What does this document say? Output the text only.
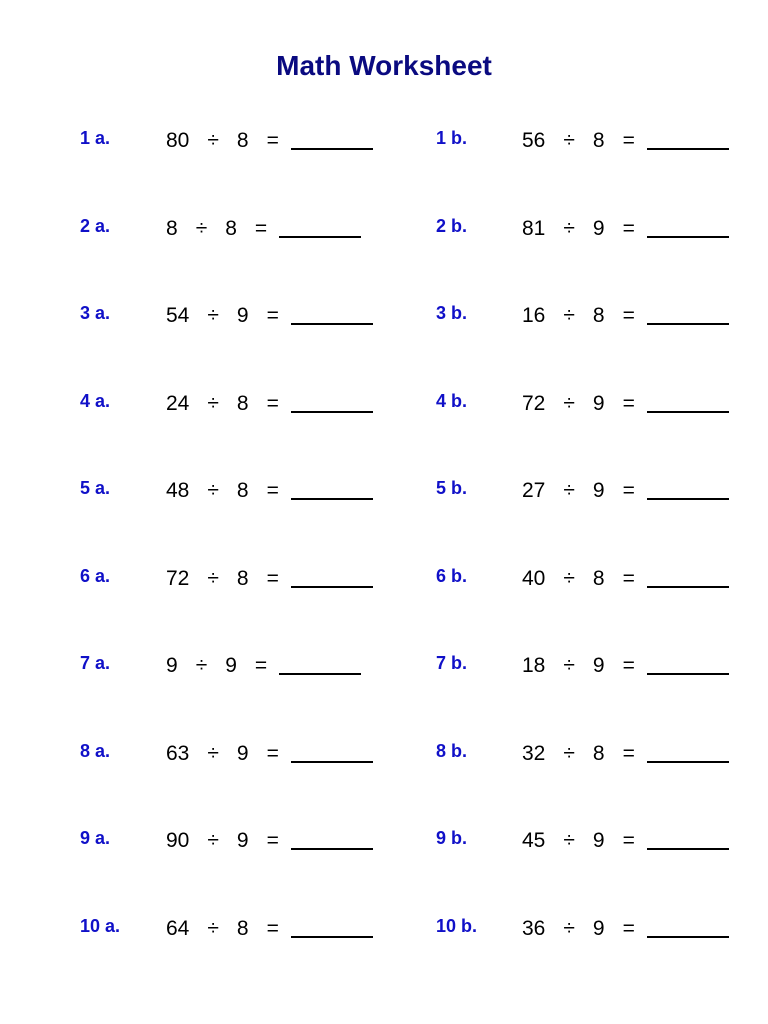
Math Worksheet
1 a.	80 ÷ 8 =	1 b.	56 ÷ 8 =
2 a.	8 ÷ 8 =	2 b.	81 ÷ 9 =
3 a.	54 ÷ 9 =	3 b.	16 ÷ 8 =
4 a.	24 ÷ 8 =	4 b.	72 ÷ 9 =
5 a.	48 ÷ 8 =	5 b.	27 ÷ 9 =
6 a.	72 ÷ 8 =	6 b.	40 ÷ 8 =
7 a.	9 ÷ 9 =	7 b.	18 ÷ 9 =
8 a.	63 ÷ 9 =	8 b.	32 ÷ 8 =
9 a.	90 ÷ 9 =	9 b.	45 ÷ 9 =
10 a. 64 ÷ 8 =	10 b. 36 ÷ 9 =
